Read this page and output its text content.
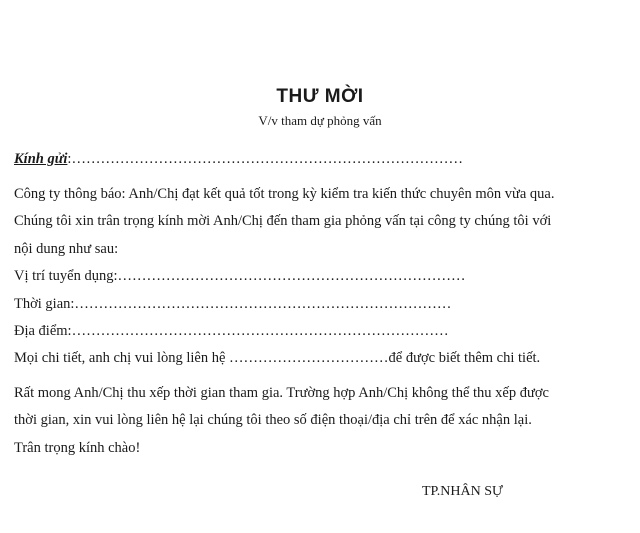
THƯ MỜI
V/v tham dự phỏng vấn
Kính gửi:………………………………………………………………………
Công ty thông báo: Anh/Chị đạt kết quả tốt trong kỳ kiểm tra kiến thức chuyên môn vừa qua.
Chúng tôi xin trân trọng kính mời Anh/Chị đến tham gia phỏng vấn tại công ty chúng tôi với
nội dung như sau:
Vị trí tuyển dụng:………………………………………………………………
Thời gian:……………………………………………………………………
Địa điểm:……………………………………………………………………
Mọi chi tiết, anh chị vui lòng liên hệ ……………………………để được biết thêm chi tiết.
Rất mong Anh/Chị thu xếp thời gian tham gia. Trường hợp Anh/Chị không thể thu xếp được
thời gian, xin vui lòng liên hệ lại chúng tôi theo số điện thoại/địa chỉ trên để xác nhận lại.
Trân trọng kính chào!
TP.NHÂN SỰ
